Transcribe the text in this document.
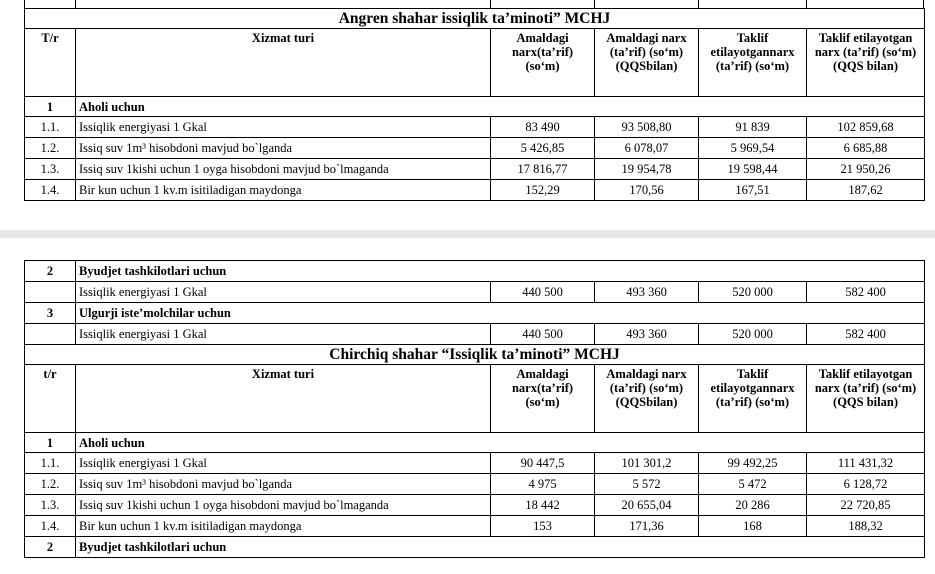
Angren shahar issiqlik ta’minoti” MCHJ					
T/r	Xizmat turi	Amaldagi narx(ta’rif) (so‘m)	Amaldagi narx (ta’rif) (so‘m) (QQSbilan)	Taklif etilayotgannarx (ta’rif) (so‘m)	Taklif etilayotgan narx (ta’rif) (so‘m)(QQS bilan)
1	Aholi uchun				
1.1.	Issiqlik energiyasi 1 Gkal	83 490	93 508,80	91 839	102 859,68
1.2.	Issiq suv 1m³ hisobdoni mavjud bo`lganda	5 426,85	6 078,07	5 969,54	6 685,88
1.3.	Issiq suv 1kishi uchun 1 oyga hisobdoni mavjud bo`lmaganda	17 816,77	19 954,78	19 598,44	21 950,26
1.4.	Bir kun uchun 1 kv.m isitiladigan maydonga	152,29	170,56	167,51	187,62
2	Byudjet tashkilotlari uchun				
	Issiqlik energiyasi 1 Gkal	440 500	493 360	520 000	582 400
3	Ulgurji iste’molchilar uchun				
	Issiqlik energiyasi 1 Gkal	440 500	493 360	520 000	582 400
Chirchiq shahar “Issiqlik ta’minoti” MCHJ					
t/r	Xizmat turi	Amaldagi narx(ta’rif) (so‘m)	Amaldagi narx (ta’rif) (so‘m) (QQSbilan)	Taklif etilayotgannarx (ta’rif) (so‘m)	Taklif etilayotgan narx (ta’rif) (so‘m)(QQS bilan)
1	Aholi uchun				
1.1.	Issiqlik energiyasi 1 Gkal	90 447,5	101 301,2	99 492,25	111 431,32
1.2.	Issiq suv 1m³ hisobdoni mavjud bo`lganda	4 975	5 572	5 472	6 128,72
1.3.	Issiq suv 1kishi uchun 1 oyga hisobdoni mavjud bo`lmaganda	18 442	20 655,04	20 286	22 720,85
1.4.	Bir kun uchun 1 kv.m isitiladigan maydonga	153	171,36	168	188,32
2	Byudjet tashkilotlari uchun				
